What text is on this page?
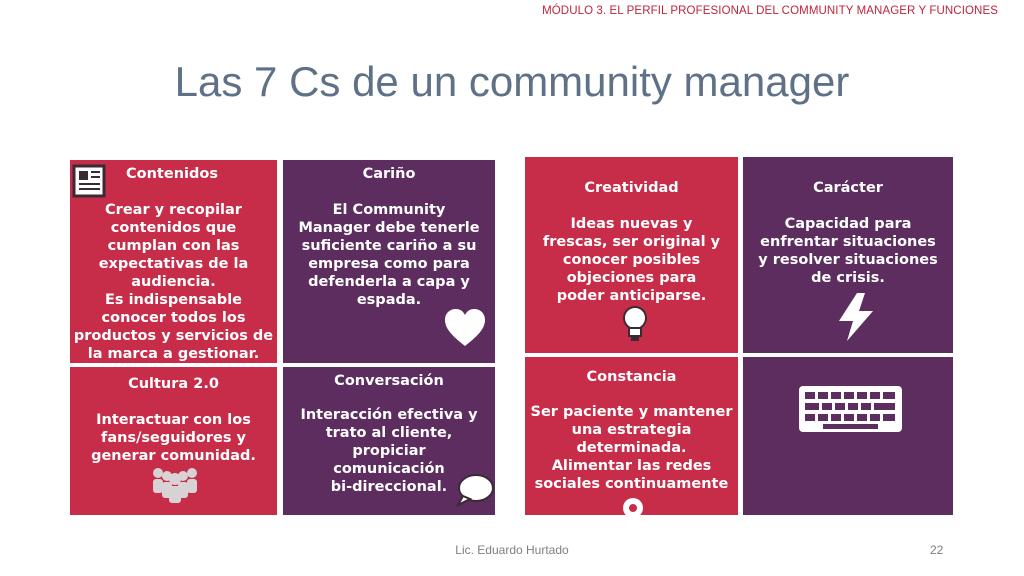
MÓDULO 3. EL PERFIL PROFESIONAL DEL COMMUNITY MANAGER Y FUNCIONES
Las 7 Cs de un community manager
Contenidos
Crear y recopilar
contenidos que
cumplan con las
expectativas de la
audiencia.
Es indispensable
conocer todos los
productos y servicios de
la marca a gestionar.
Cariño
El Community
Manager debe tenerle
suficiente cariño a su
empresa como para
defenderla a capa y
espada.
Cultura 2.0
Interactuar con los
fans/seguidores y
generar comunidad.
Conversación
Interacción efectiva y
trato al cliente,
propiciar
comunicación
bi-direccional.
Creatividad
Ideas nuevas y
frescas, ser original y
conocer posibles
objeciones para
poder anticiparse.
Carácter
Capacidad para
enfrentar situaciones
y resolver situaciones
de crisis.
Constancia
Ser paciente y mantener
una estrategia
determinada.
Alimentar las redes
sociales continuamente
Lic. Eduardo Hurtado	22
